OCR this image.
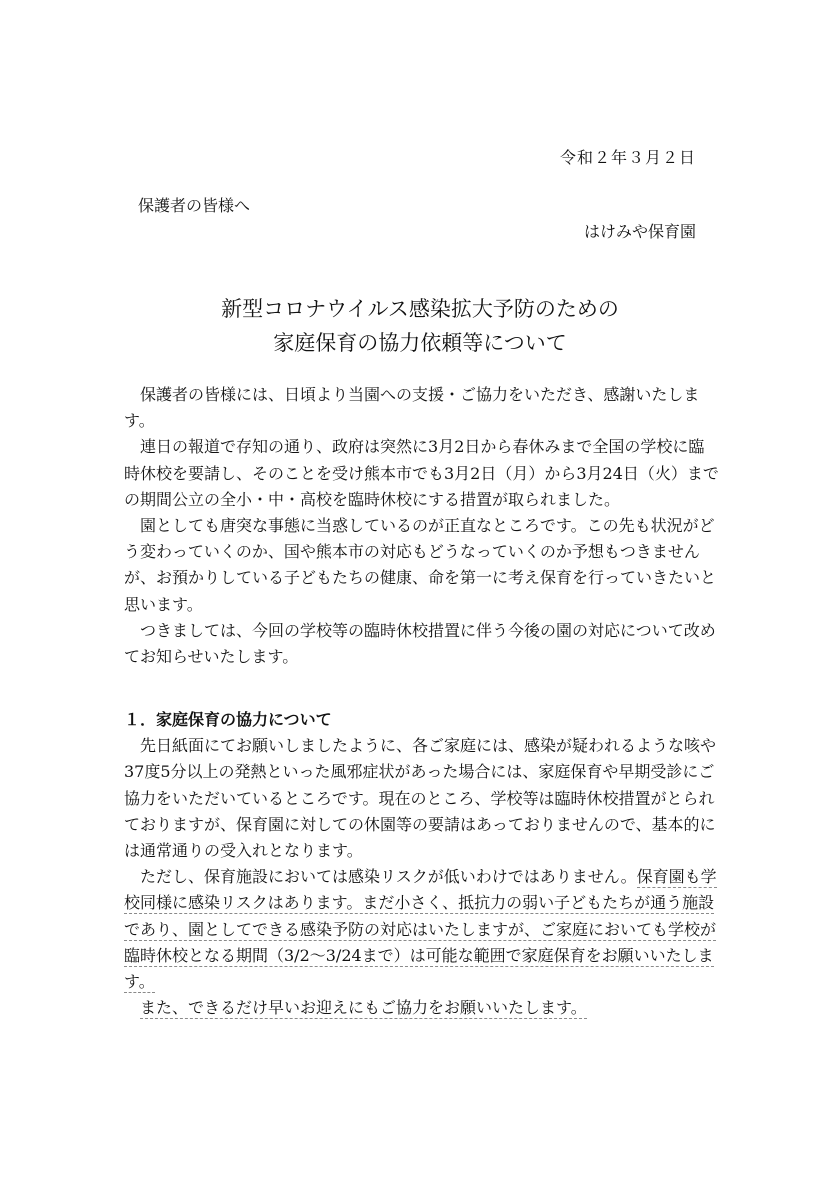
令和２年３月２日
保護者の皆様へ
はけみや保育園
新型コロナウイルス感染拡大予防のための
家庭保育の協力依頼等について

　保護者の皆様には、日頃より当園への支援・ご協力をいただき、感謝いたします。

　連日の報道で存知の通り、政府は突然に3月2日から春休みまで全国の学校に臨時休校を要請し、そのことを受け熊本市でも3月2日（月）から3月24日（火）までの期間公立の全小・中・高校を臨時休校にする措置が取られました。

　園としても唐突な事態に当惑しているのが正直なところです。この先も状況がどう変わっていくのか、国や熊本市の対応もどうなっていくのか予想もつきませんが、お預かりしている子どもたちの健康、命を第一に考え保育を行っていきたいと思います。

　つきましては、今回の学校等の臨時休校措置に伴う今後の園の対応について改めてお知らせいたします。

１．家庭保育の協力について

　先日紙面にてお願いしましたように、各ご家庭には、感染が疑われるような咳や37度5分以上の発熱といった風邪症状があった場合には、家庭保育や早期受診にご協力をいただいているところです。現在のところ、学校等は臨時休校措置がとられておりますが、保育園に対しての休園等の要請はあっておりませんので、基本的には通常通りの受入れとなります。

　ただし、保育施設においては感染リスクが低いわけではありません。保育園も学校同様に感染リスクはあります。まだ小さく、抵抗力の弱い子どもたちが通う施設であり、園としてできる感染予防の対応はいたしますが、ご家庭においても学校が臨時休校となる期間（3/2～3/24まで）は可能な範囲で家庭保育をお願いいたします。

　また、できるだけ早いお迎えにもご協力をお願いいたします。
